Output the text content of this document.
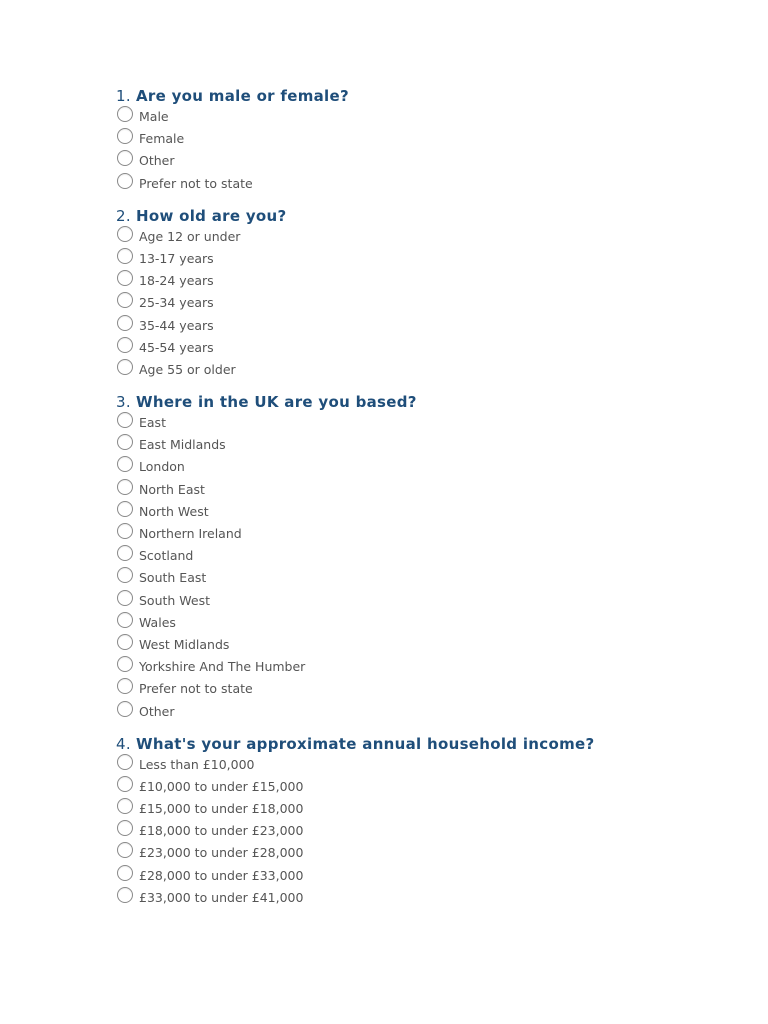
1. Are you male or female?
Male
Female
Other
Prefer not to state
2. How old are you?
Age 12 or under
13-17 years
18-24 years
25-34 years
35-44 years
45-54 years
Age 55 or older
3. Where in the UK are you based?
East
East Midlands
London
North East
North West
Northern Ireland
Scotland
South East
South West
Wales
West Midlands
Yorkshire And The Humber
Prefer not to state
Other
4. What's your approximate annual household income?
Less than £10,000
£10,000 to under £15,000
£15,000 to under £18,000
£18,000 to under £23,000
£23,000 to under £28,000
£28,000 to under £33,000
£33,000 to under £41,000
